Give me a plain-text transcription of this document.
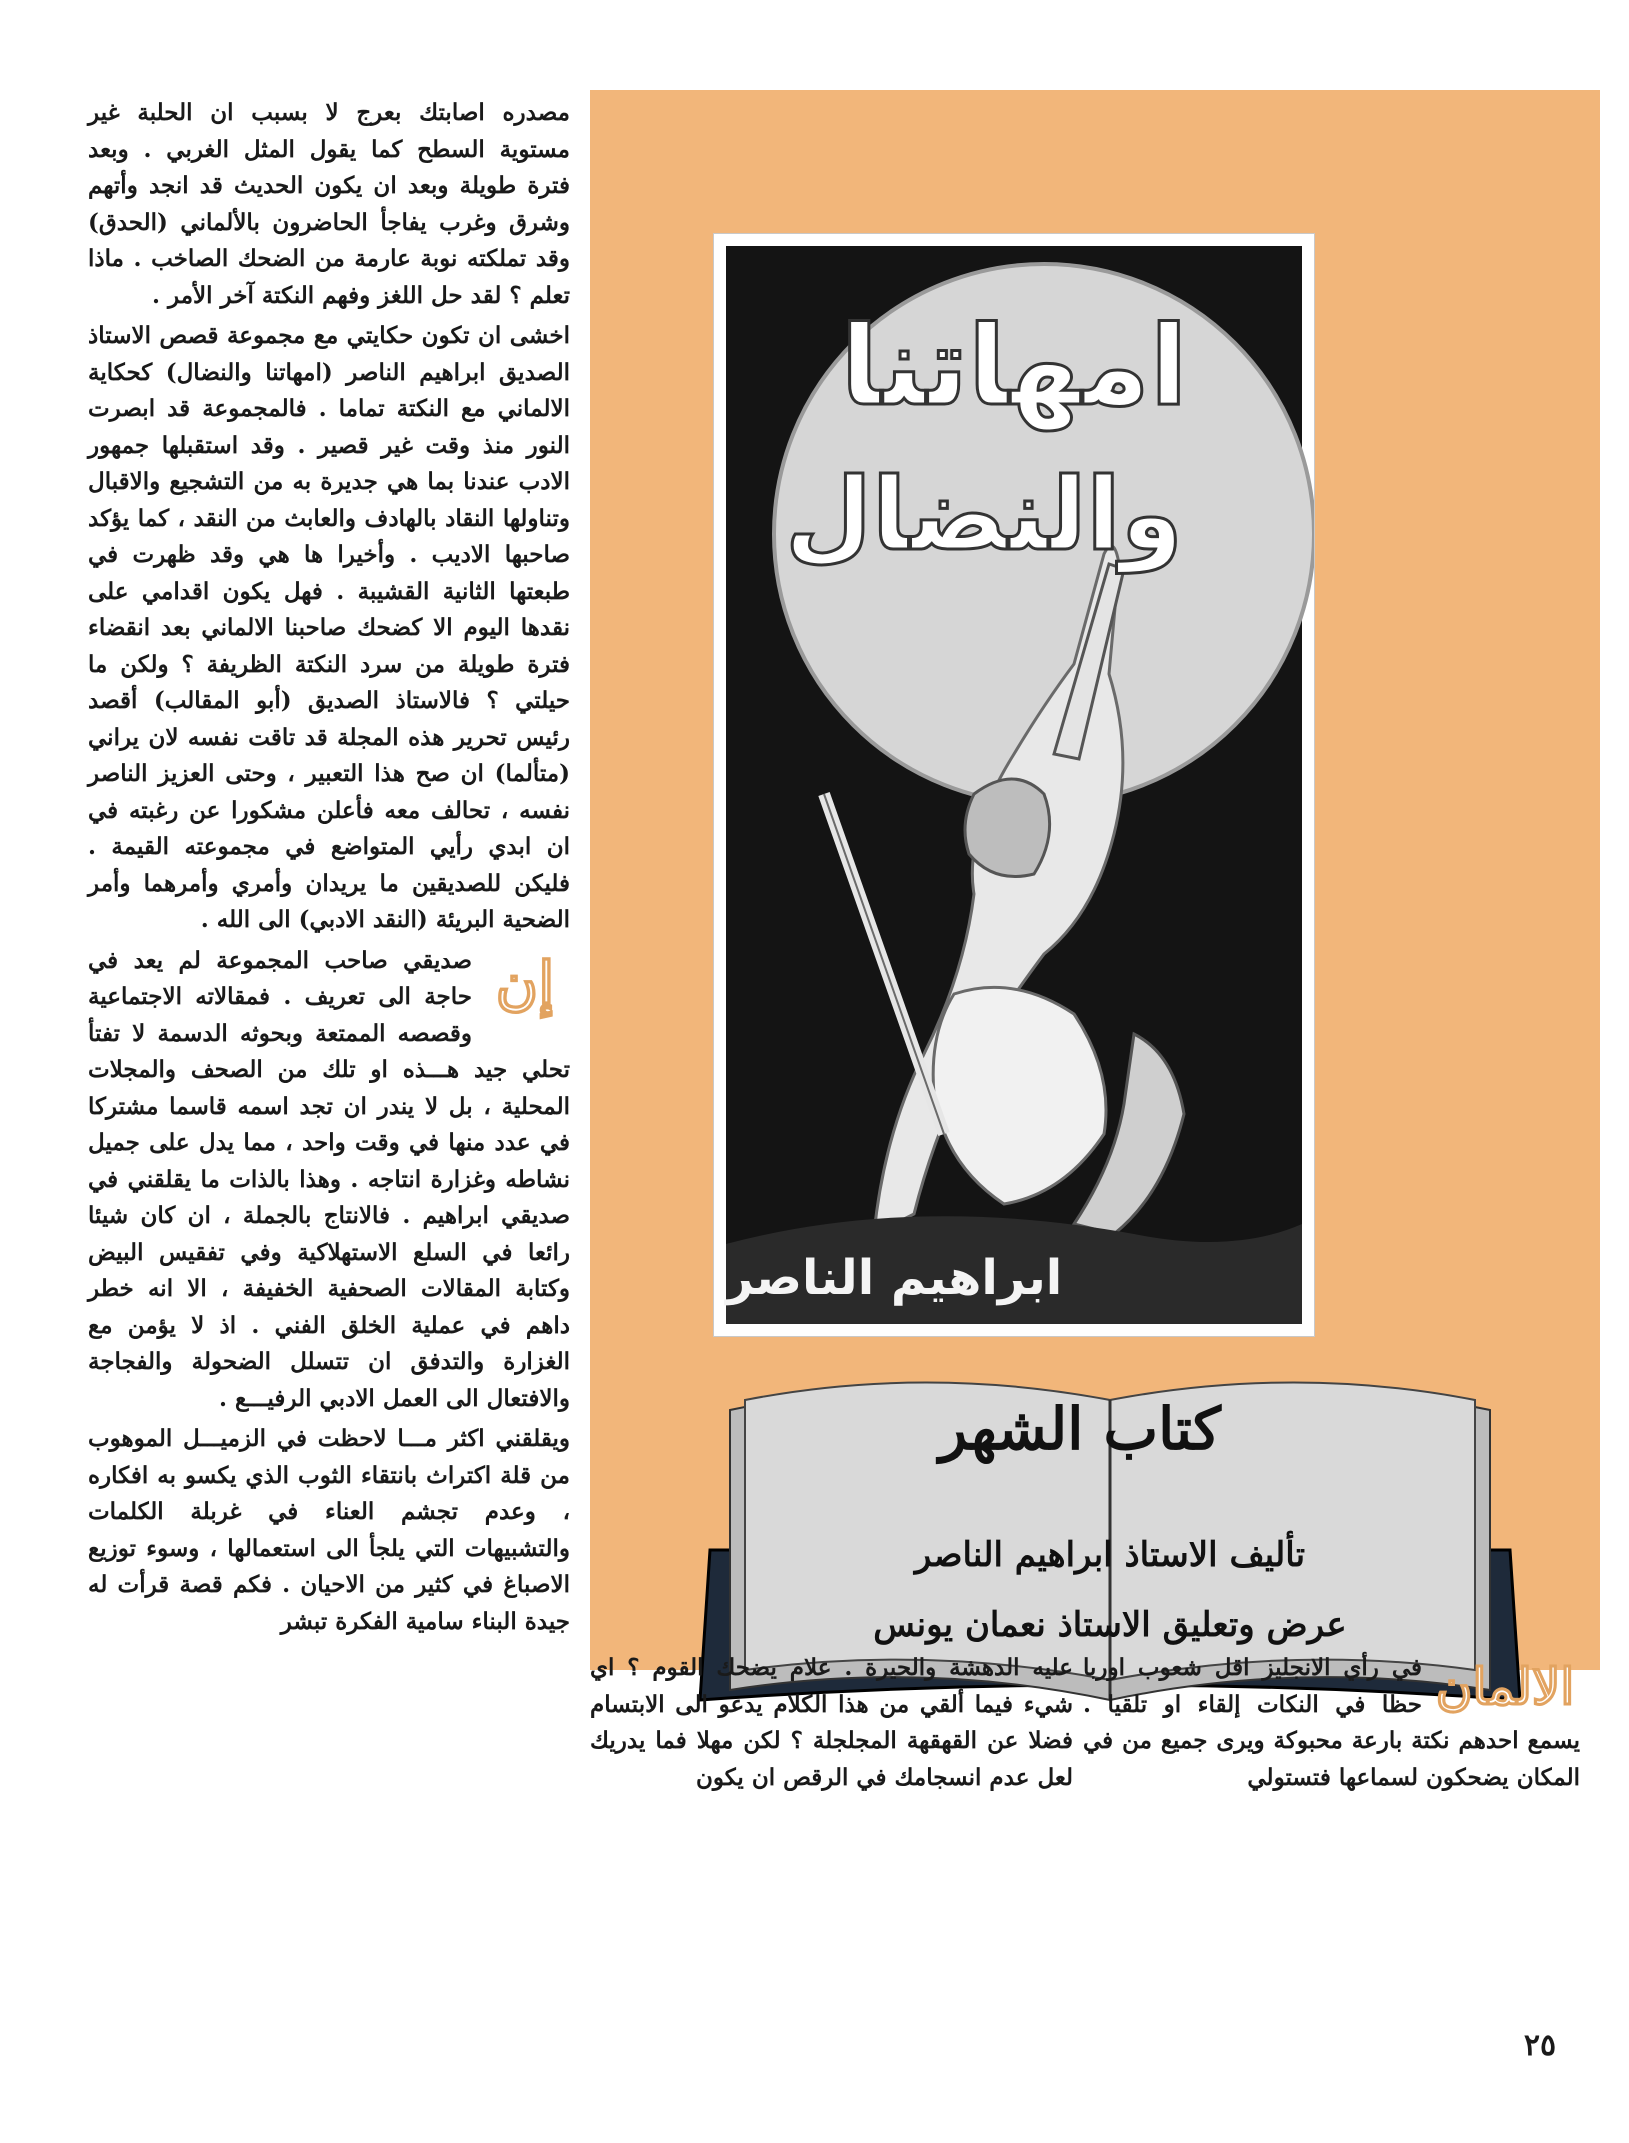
امهاتنا
والنضال
ابراهيم الناصر
كتاب الشهر
تأليف الاستاذ ابراهيم الناصر
عرض وتعليق الاستاذ نعمان يونس

مصدره اصابتك بعرج لا بسبب ان الحلبة غير مستوية السطح كما يقول المثل الغربي . وبعد فترة طويلة وبعد ان يكون الحديث قد انجد وأتهم وشرق وغرب يفاجأ الحاضرون بالألماني (الحدق) وقد تملكته نوبة عارمة من الضحك الصاخب . ماذا تعلم ؟ لقد حل اللغز وفهم النكتة آخر الأمر .

اخشى ان تكون حكايتي مع مجموعة قصص الاستاذ الصديق ابراهيم الناصر (امهاتنا والنضال) كحكاية الالماني مع النكتة تماما . فالمجموعة قد ابصرت النور منذ وقت غير قصير . وقد استقبلها جمهور الادب عندنا بما هي جديرة به من التشجيع والاقبال وتناولها النقاد بالهادف والعابث من النقد ، كما يؤكد صاحبها الاديب . وأخيرا ها هي وقد ظهرت في طبعتها الثانية القشيبة . فهل يكون اقدامي على نقدها اليوم الا كضحك صاحبنا الالماني بعد انقضاء فترة طويلة من سرد النكتة الظريفة ؟ ولكن ما حيلتي ؟ فالاستاذ الصديق (أبو المقالب) أقصد رئيس تحرير هذه المجلة قد تاقت نفسه لان يراني (متألما) ان صح هذا التعبير ، وحتى العزيز الناصر نفسه ، تحالف معه فأعلن مشكورا عن رغبته في ان ابدي رأيي المتواضع في مجموعته القيمة . فليكن للصديقين ما يريدان وأمري وأمرهما وأمر الضحية البريئة (النقد الادبي) الى الله .

إن
صديقي صاحب المجموعة لم يعد في حاجة الى تعريف . فمقالاته الاجتماعية وقصصه الممتعة وبحوثه الدسمة لا تفتأ تحلي جيد هـــذه او تلك من الصحف والمجلات المحلية ، بل لا يندر ان تجد اسمه قاسما مشتركا في عدد منها في وقت واحد ، مما يدل على جميل نشاطه وغزارة انتاجه . وهذا بالذات ما يقلقني في صديقي ابراهيم . فالانتاج بالجملة ، ان كان شيئا رائعا في السلع الاستهلاكية وفي تفقيس البيض وكتابة المقالات الصحفية الخفيفة ، الا انه خطر داهم في عملية الخلق الفني . اذ لا يؤمن مع الغزارة والتدفق ان تتسلل الضحولة والفجاجة والافتعال الى العمل الادبي الرفيـــع .

ويقلقني اكثر مـــا لاحظت في الزميـــل الموهوب من قلة اكتراث بانتقاء الثوب الذي يكسو به افكاره ، وعدم تجشم العناء في غربلة الكلمات والتشبيهات التي يلجأ الى استعمالها ، وسوء توزيع الاصباغ في كثير من الاحيان . فكم قصة قرأت له جيدة البناء سامية الفكرة تبشر

الالمان
في رأي الانجليز اقل شعوب اوربا حظا في النكات إلقاء او تلقيا . يسمع احدهم نكتة بارعة محبوكة ويرى جميع من في المكان يضحكون لسماعها فتستولي
عليه الدهشة والحيرة . علام يضحك القوم ؟ اي شيء فيما ألقي من هذا الكلام يدعو الى الابتسام فضلا عن القهقهة المجلجلة ؟ لكن مهلا فما يدريك لعل عدم انسجامك في الرقص ان يكون
٢٥
